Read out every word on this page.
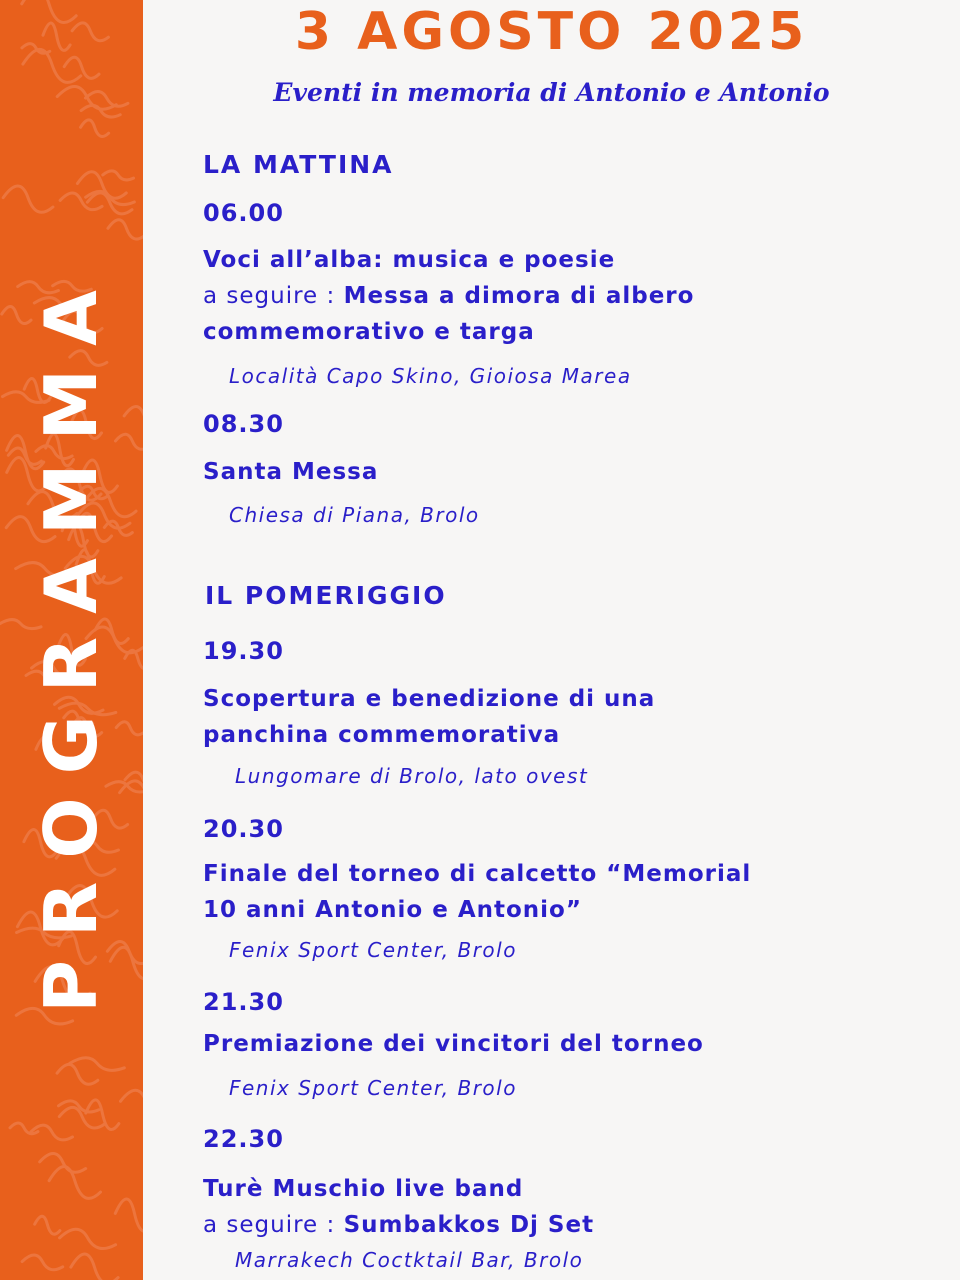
PROGRAMMA
3 AGOSTO 2025
Eventi in memoria di Antonio e Antonio
LA MATTINA
06.00
Voci all’alba: musica e poesie
a seguire : Messa a dimora di albero
commemorativo e targa
Località Capo Skino, Gioiosa Marea
08.30
Santa Messa
Chiesa di Piana, Brolo
IL POMERIGGIO
19.30
Scopertura e benedizione di una
panchina commemorativa
Lungomare di Brolo, lato ovest
20.30
Finale del torneo di calcetto “Memorial
10 anni Antonio e Antonio”
Fenix Sport Center, Brolo
21.30
Premiazione dei vincitori del torneo
Fenix Sport Center, Brolo
22.30
Turè Muschio live band
a seguire : Sumbakkos Dj Set
Marrakech Coctktail Bar, Brolo
